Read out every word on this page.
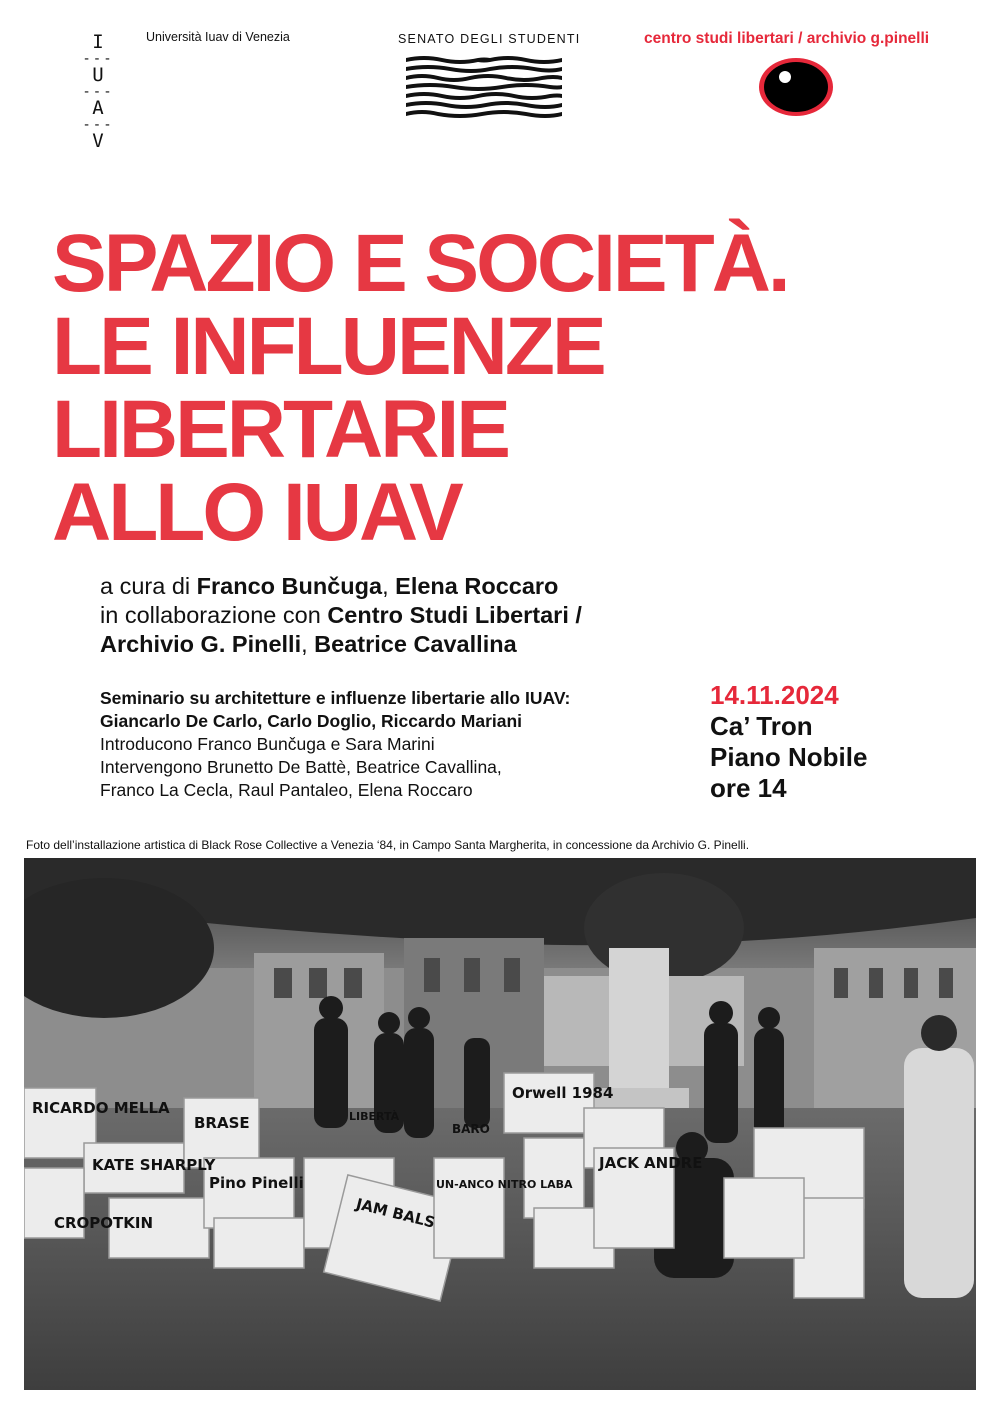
I
---
U
---
A
---
V
Università Iuav di Venezia	SENATO DEGLI STUDENTI	centro studi libertari / archivio g.pinelli
SPAZIO E SOCIETÀ.
LE INFLUENZE
LIBERTARIE
ALLO IUAV
a cura di Franco Bunčuga, Elena Roccaro
in collaborazione con Centro Studi Libertari /
Archivio G. Pinelli, Beatrice Cavallina
Seminario su architetture e influenze libertarie allo IUAV:
Giancarlo De Carlo, Carlo Doglio, Riccardo Mariani
Introducono Franco Bunčuga e Sara Marini
Intervengono Brunetto De Battè, Beatrice Cavallina,
Franco La Cecla, Raul Pantaleo, Elena Roccaro
14.11.2024
Ca’ Tron
Piano Nobile
ore 14
Foto dell’installazione artistica di Black Rose Collective a Venezia ‘84, in Campo Santa Margherita, in concessione da Archivio G. Pinelli.
RICARDO MELLA
KATE SHARPLY
BRASE
Pino Pinelli
CROPOTKIN	JAM BALS
UN-ANCO NITRO LABA
Orwell 1984
JACK ANDRE
BARO
LIBERTÀ
